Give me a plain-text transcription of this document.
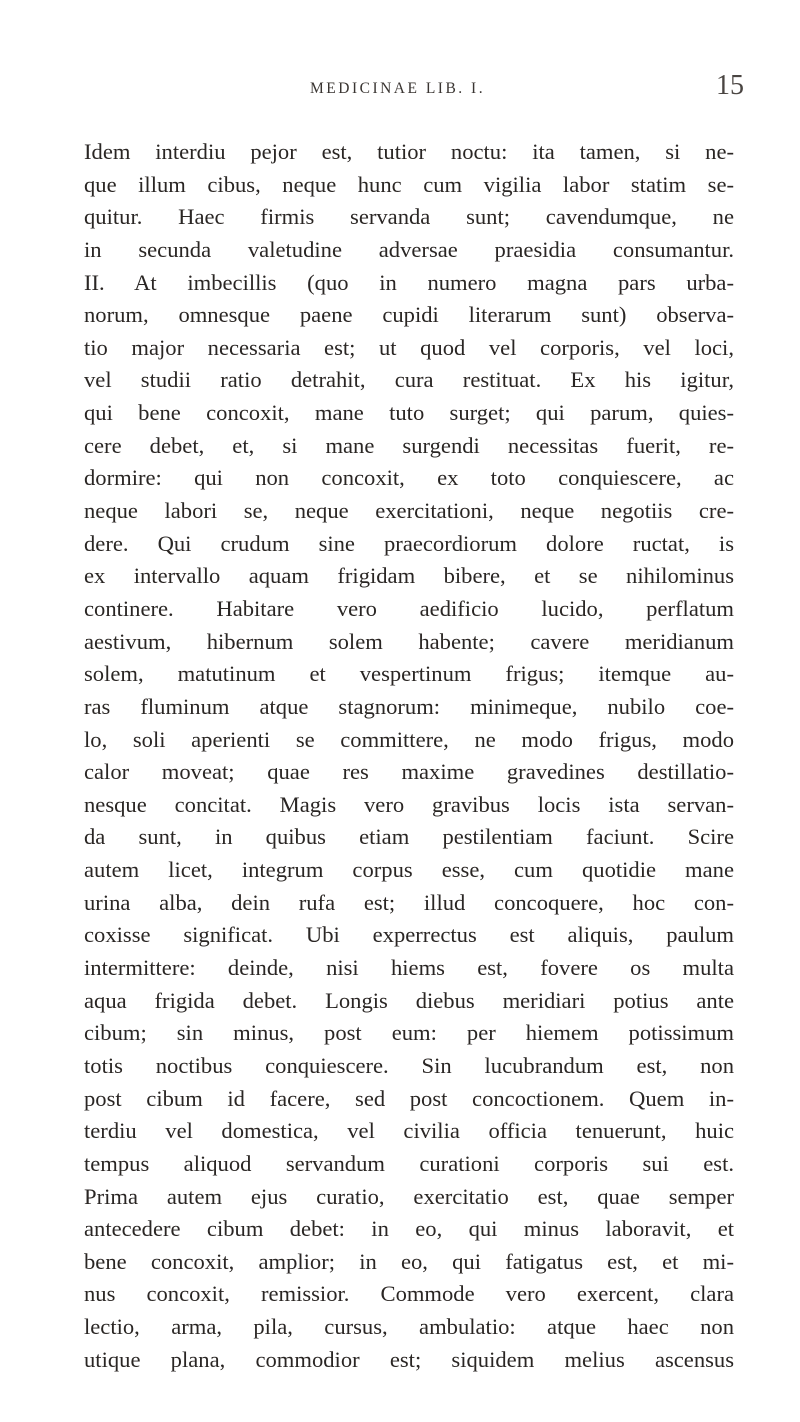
MEDICINAE LIB. I.	15
Idem interdiu pejor est, tutior noctu: ita tamen, si ne-
que illum cibus, neque hunc cum vigilia labor statim se-
quitur. Haec firmis servanda sunt; cavendumque, ne
in secunda valetudine adversae praesidia consumantur.
II. At imbecillis (quo in numero magna pars urba-
norum, omnesque paene cupidi literarum sunt) observa-
tio major necessaria est; ut quod vel corporis, vel loci,
vel studii ratio detrahit, cura restituat. Ex his igitur,
qui bene concoxit, mane tuto surget; qui parum, quies-
cere debet, et, si mane surgendi necessitas fuerit, re-
dormire: qui non concoxit, ex toto conquiescere, ac
neque labori se, neque exercitationi, neque negotiis cre-
dere. Qui crudum sine praecordiorum dolore ructat, is
ex intervallo aquam frigidam bibere, et se nihilominus
continere. Habitare vero aedificio lucido, perflatum
aestivum, hibernum solem habente; cavere meridianum
solem, matutinum et vespertinum frigus; itemque au-
ras fluminum atque stagnorum: minimeque, nubilo coe-
lo, soli aperienti se committere, ne modo frigus, modo
calor moveat; quae res maxime gravedines destillatio-
nesque concitat. Magis vero gravibus locis ista servan-
da sunt, in quibus etiam pestilentiam faciunt. Scire
autem licet, integrum corpus esse, cum quotidie mane
urina alba, dein rufa est; illud concoquere, hoc con-
coxisse significat. Ubi experrectus est aliquis, paulum
intermittere: deinde, nisi hiems est, fovere os multa
aqua frigida debet. Longis diebus meridiari potius ante
cibum; sin minus, post eum: per hiemem potissimum
totis noctibus conquiescere. Sin lucubrandum est, non
post cibum id facere, sed post concoctionem. Quem in-
terdiu vel domestica, vel civilia officia tenuerunt, huic
tempus aliquod servandum curationi corporis sui est.
Prima autem ejus curatio, exercitatio est, quae semper
antecedere cibum debet: in eo, qui minus laboravit, et
bene concoxit, amplior; in eo, qui fatigatus est, et mi-
nus concoxit, remissior. Commode vero exercent, clara
lectio, arma, pila, cursus, ambulatio: atque haec non
utique plana, commodior est; siquidem melius ascensus
